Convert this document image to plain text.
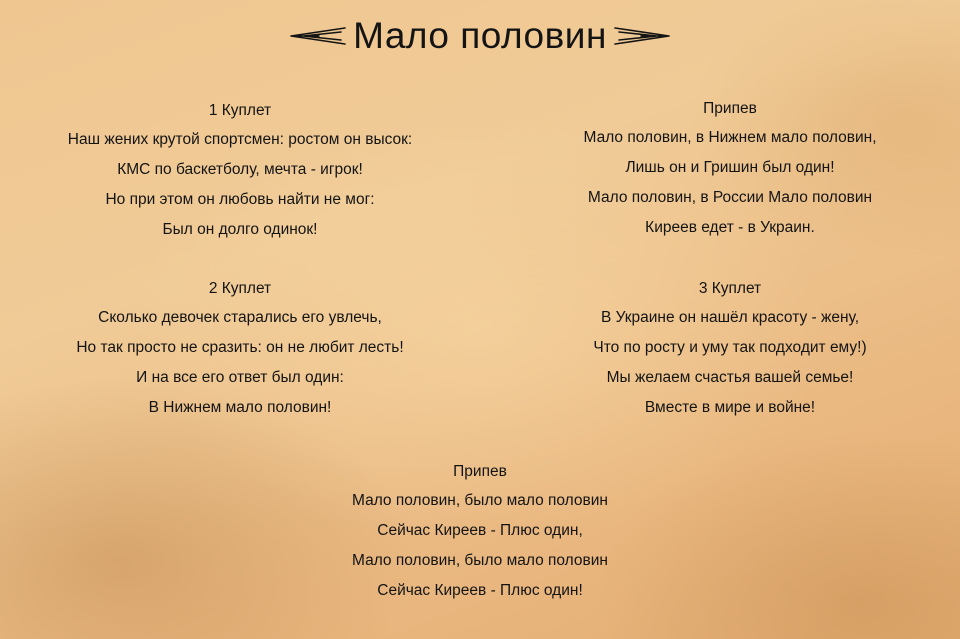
Мало половин
1 Куплет
Наш жених крутой спортсмен: ростом он высок:
КМС по баскетболу, мечта - игрок!
Но при этом он любовь найти не мог:
Был он долго одинок!
Припев
Мало половин, в Нижнем мало половин,
Лишь он и Гришин был один!
Мало половин, в России Мало половин
Киреев едет - в Украин.
2 Куплет
Сколько девочек старались его увлечь,
Но так просто не сразить: он не любит лесть!
И на все его ответ был один:
В Нижнем мало половин!
3 Куплет
В Украине он нашёл красоту - жену,
Что по росту и уму так подходит ему!)
Мы желаем счастья вашей семье!
Вместе в мире и войне!
Припев
Мало половин, было мало половин
Сейчас Киреев - Плюс один,
Мало половин, было мало половин
Сейчас Киреев - Плюс один!
